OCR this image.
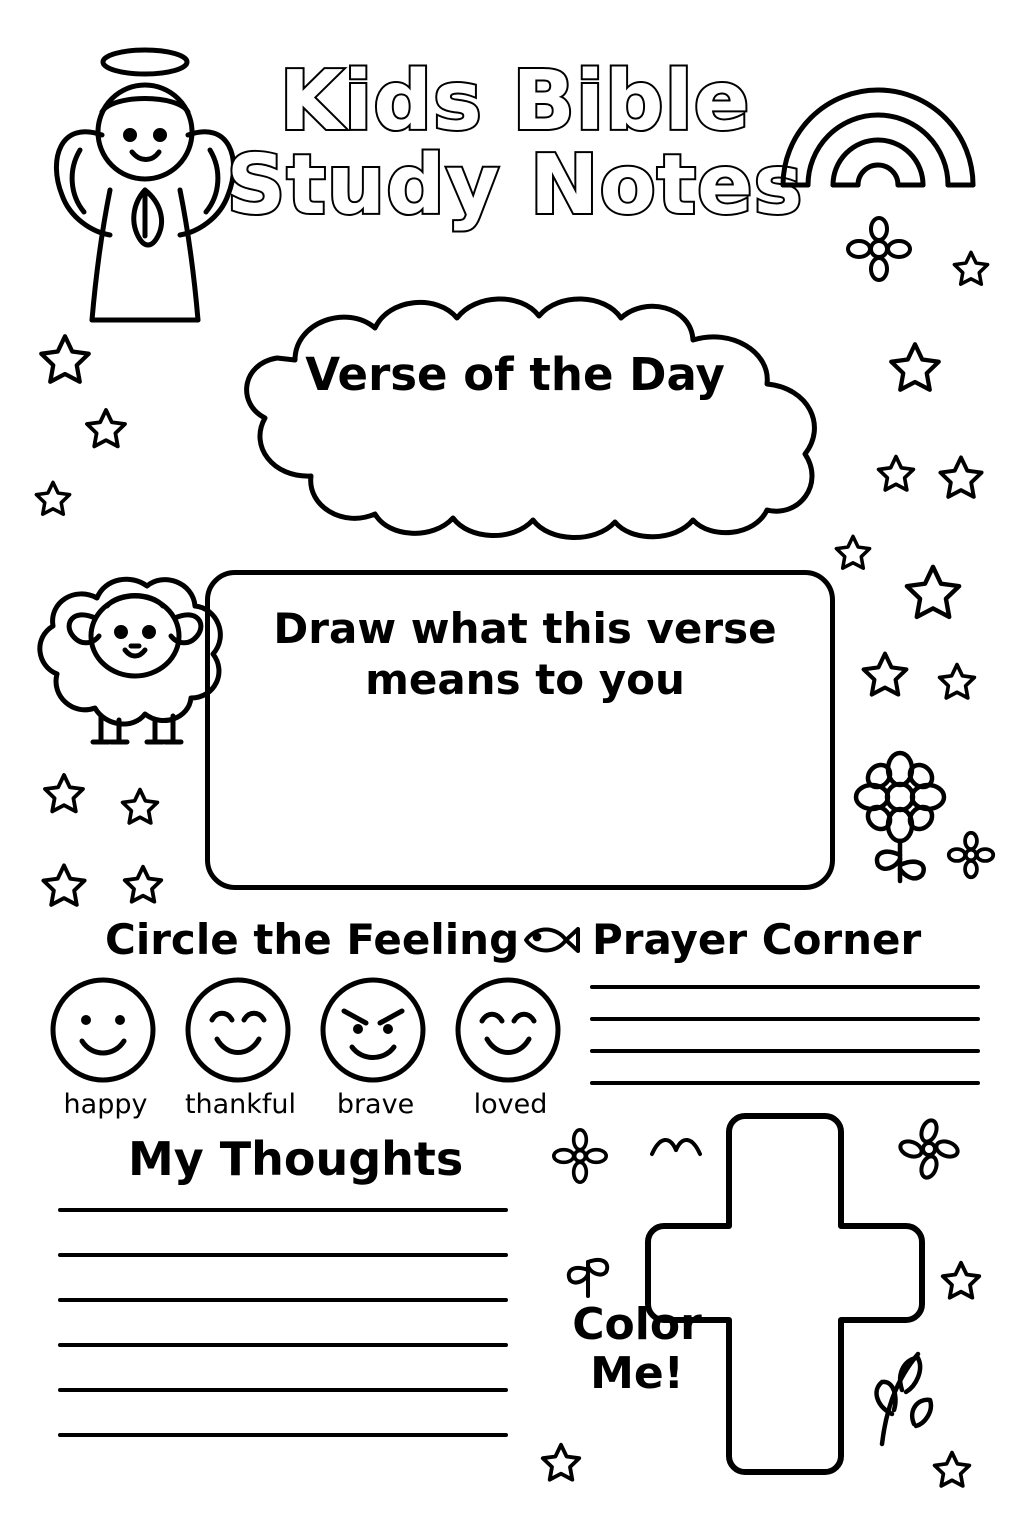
Kids Bible
Study Notes
Verse of the Day
Draw what this verse
means to you
Circle the Feeling
happy	thankful	brave	loved
Prayer Corner
My Thoughts
Color
Me!
